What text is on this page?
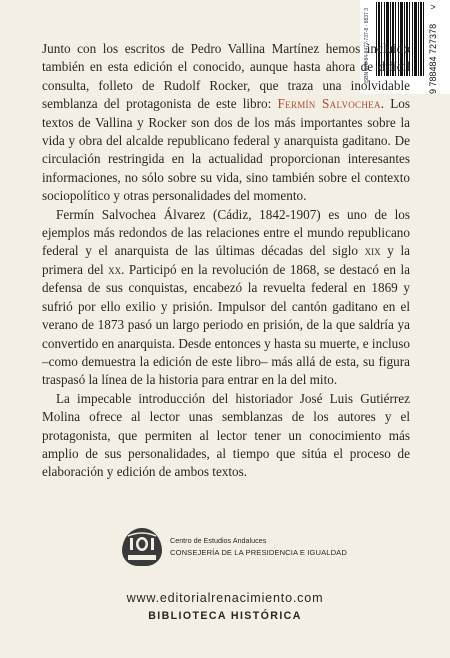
ISBN 978-84-8472-737-8 · 8837 3	9 788484 727378
>

Junto con los escritos de Pedro Vallina Martínez hemos incluido también en esta edición el conocido, aunque hasta ahora de difícil consulta, folleto de Rudolf Rocker, que traza una inolvidable semblanza del protagonista de este libro: Fermín Salvochea. Los textos de Vallina y Rocker son dos de los más importantes sobre la vida y obra del alcalde republicano federal y anarquista gaditano. De circulación restringida en la actualidad proporcionan interesantes informaciones, no sólo sobre su vida, sino también sobre el contexto sociopolítico y otras personalidades del momento.

Fermín Salvochea Álvarez (Cádiz, 1842-1907) es uno de los ejemplos más redondos de las relaciones entre el mundo republicano federal y el anarquista de las últimas décadas del siglo xix y la primera del xx. Participó en la revolución de 1868, se destacó en la defensa de sus conquistas, encabezó la revuelta federal en 1869 y sufrió por ello exilio y prisión. Impulsor del cantón gaditano en el verano de 1873 pasó un largo periodo en prisión, de la que saldría ya convertido en anarquista. Desde entonces y hasta su muerte, e incluso –como demuestra la edición de este libro– más allá de esta, su figura traspasó la línea de la historia para entrar en la del mito.

La impecable introducción del historiador José Luis Gutiérrez Molina ofrece al lector unas semblanzas de los autores y el protagonista, que permiten al lector tener un conocimiento más amplio de sus personalidades, al tiempo que sitúa el proceso de elaboración y edición de ambos textos.

Centro de Estudios Andaluces
CONSEJERÍA DE LA PRESIDENCIA E IGUALDAD
www.editorialrenacimiento.com
BIBLIOTECA HISTÓRICA
